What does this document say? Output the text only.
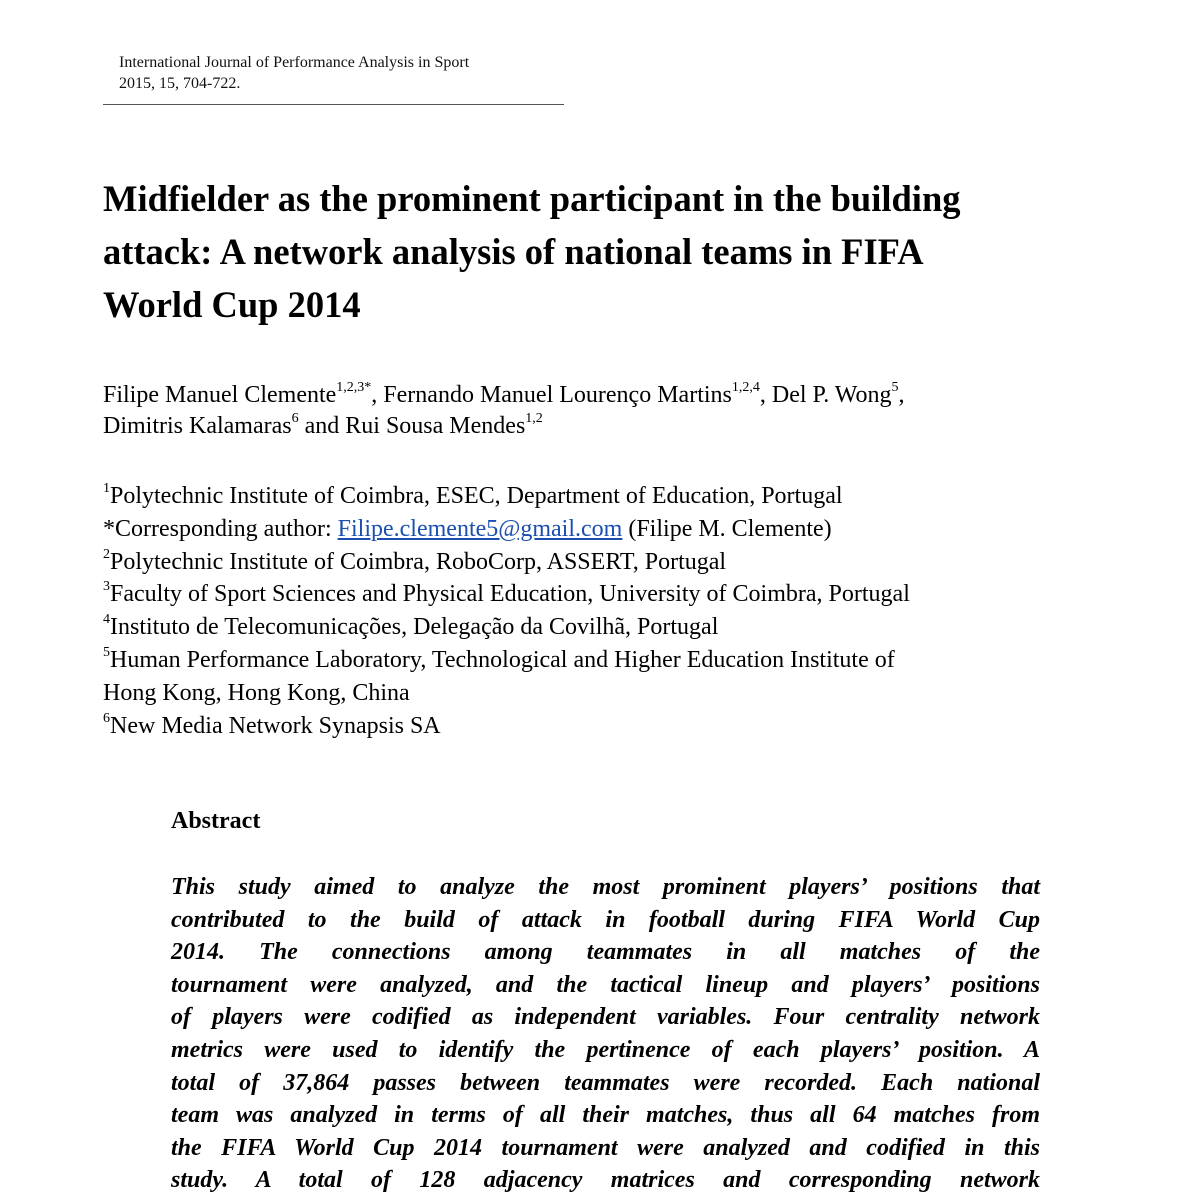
International Journal of Performance Analysis in Sport
2015, 15, 704-722.
Midfielder as the prominent participant in the building
attack: A network analysis of national teams in FIFA
World Cup 2014
Filipe Manuel Clemente$^{1,2,3*}$, Fernando Manuel Lourenço Martins$^{1,2,4}$, Del P. Wong$^5$,
Dimitris Kalamaras$^6$ and Rui Sousa Mendes$^{1,2}$
$^1$Polytechnic Institute of Coimbra, ESEC, Department of Education, Portugal
*Corresponding author: Filipe.clemente5@gmail.com (Filipe M. Clemente)
$^2$Polytechnic Institute of Coimbra, RoboCorp, ASSERT, Portugal
$^3$Faculty of Sport Sciences and Physical Education, University of Coimbra, Portugal
$^4$Instituto de Telecomunicações, Delegação da Covilhã, Portugal
$^5$Human Performance Laboratory, Technological and Higher Education Institute of
Hong Kong, Hong Kong, China
$^6$New Media Network Synapsis SA
Abstract
This study aimed to analyze the most prominent players’ positions that
contributed to the build of attack in football during FIFA World Cup
2014. The connections among teammates in all matches of the
tournament were analyzed, and the tactical lineup and players’ positions
of players were codified as independent variables. Four centrality network
metrics were used to identify the pertinence of each players’ position. A
total of 37,864 passes between teammates were recorded. Each national
team was analyzed in terms of all their matches, thus all 64 matches from
the FIFA World Cup 2014 tournament were analyzed and codified in this
study. A total of 128 adjacency matrices and corresponding network
